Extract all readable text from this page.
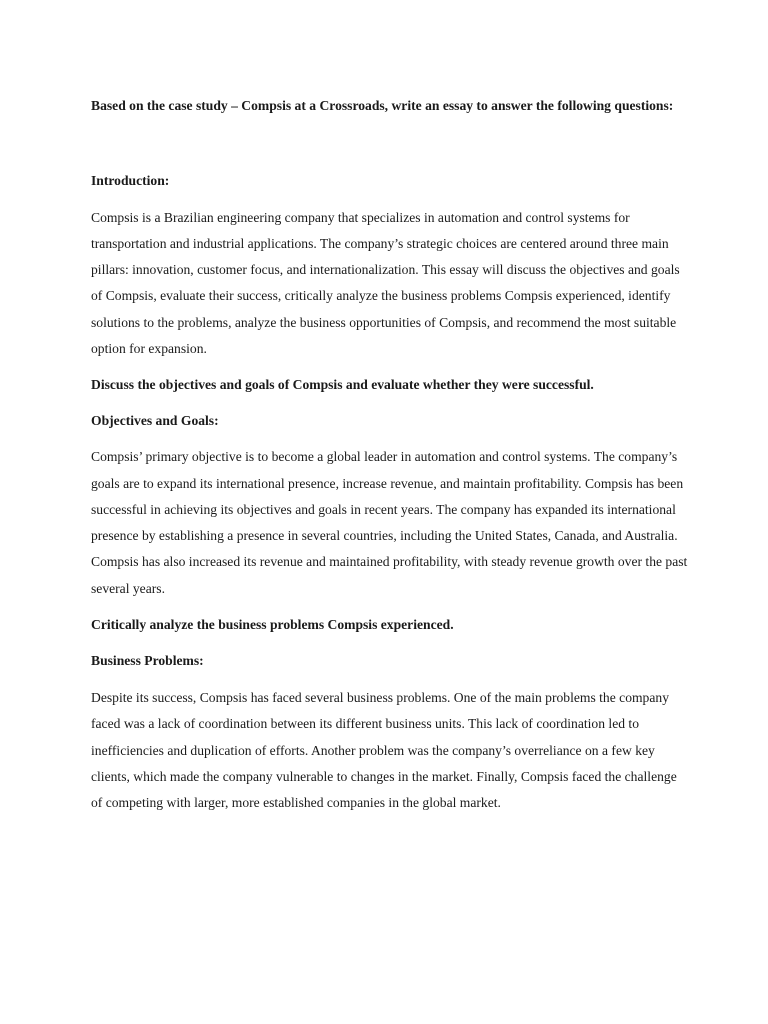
Based on the case study – Compsis at a Crossroads, write an essay to answer the following questions:

Introduction:

Compsis is a Brazilian engineering company that specializes in automation and control systems for transportation and industrial applications. The company’s strategic choices are centered around three main pillars: innovation, customer focus, and internationalization. This essay will discuss the objectives and goals of Compsis, evaluate their success, critically analyze the business problems Compsis experienced, identify solutions to the problems, analyze the business opportunities of Compsis, and recommend the most suitable option for expansion.

Discuss the objectives and goals of Compsis and evaluate whether they were successful.

Objectives and Goals:

Compsis’ primary objective is to become a global leader in automation and control systems. The company’s goals are to expand its international presence, increase revenue, and maintain profitability. Compsis has been successful in achieving its objectives and goals in recent years. The company has expanded its international presence by establishing a presence in several countries, including the United States, Canada, and Australia. Compsis has also increased its revenue and maintained profitability, with steady revenue growth over the past several years.

Critically analyze the business problems Compsis experienced.

Business Problems:

Despite its success, Compsis has faced several business problems. One of the main problems the company faced was a lack of coordination between its different business units. This lack of coordination led to inefficiencies and duplication of efforts. Another problem was the company’s overreliance on a few key clients, which made the company vulnerable to changes in the market. Finally, Compsis faced the challenge of competing with larger, more established companies in the global market.
